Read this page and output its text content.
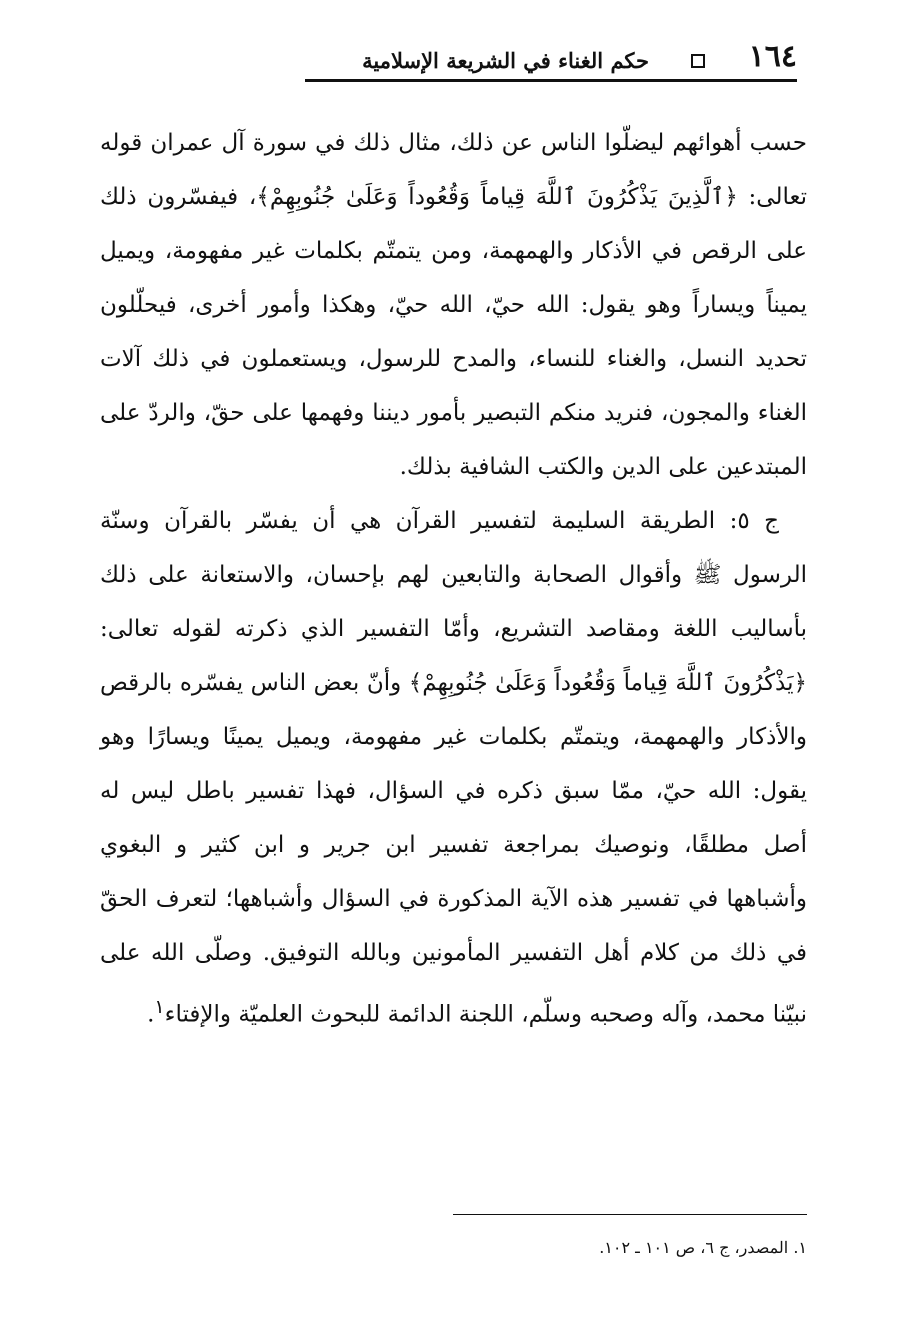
١٦٤
حكم الغناء في الشريعة الإسلامية

حسب أهوائهم ليضلّوا الناس عن ذلك، مثال ذلك في سورة آل عمران قوله تعالى: ﴿ٱلَّذِينَ يَذْكُرُونَ ٱللَّهَ قِياماً وَقُعُوداً وَعَلَىٰ جُنُوبِهِمْ﴾، فيفسّرون ذلك على الرقص في الأذكار والهمهمة، ومن يتمتّم بكلمات غير مفهومة، ويميل يميناً ويساراً وهو يقول: الله حيّ، الله حيّ، وهكذا وأمور أخرى، فيحلّلون تحديد النسل، والغناء للنساء، والمدح للرسول، ويستعملون في ذلك آلات الغناء والمجون، فنريد منكم التبصير بأمور ديننا وفهمها على حقّ، والردّ على المبتدعين على الدين والكتب الشافية بذلك.

ج ٥: الطريقة السليمة لتفسير القرآن هي أن يفسّر بالقرآن وسنّة الرسول ﷺ وأقوال الصحابة والتابعين لهم بإحسان، والاستعانة على ذلك بأساليب اللغة ومقاصد التشريع، وأمّا التفسير الذي ذكرته لقوله تعالى: ﴿يَذْكُرُونَ ٱللَّهَ قِياماً وَقُعُوداً وَعَلَىٰ جُنُوبِهِمْ﴾ وأنّ بعض الناس يفسّره بالرقص والأذكار والهمهمة، ويتمتّم بكلمات غير مفهومة، ويميل يمينًا ويسارًا وهو يقول: الله حيّ، ممّا سبق ذكره في السؤال، فهذا تفسير باطل ليس له أصل مطلقًا، ونوصيك بمراجعة تفسير ابن جرير و ابن كثير و البغوي وأشباهها في تفسير هذه الآية المذكورة في السؤال وأشباهها؛ لتعرف الحقّ في ذلك من كلام أهل التفسير المأمونين وبالله التوفيق. وصلّى الله على نبيّنا محمد، وآله وصحبه وسلّم، اللجنة الدائمة للبحوث العلميّة والإفتاء$^١$.

١. المصدر، ج ٦، ص ١٠١ ـ ١٠٢.
